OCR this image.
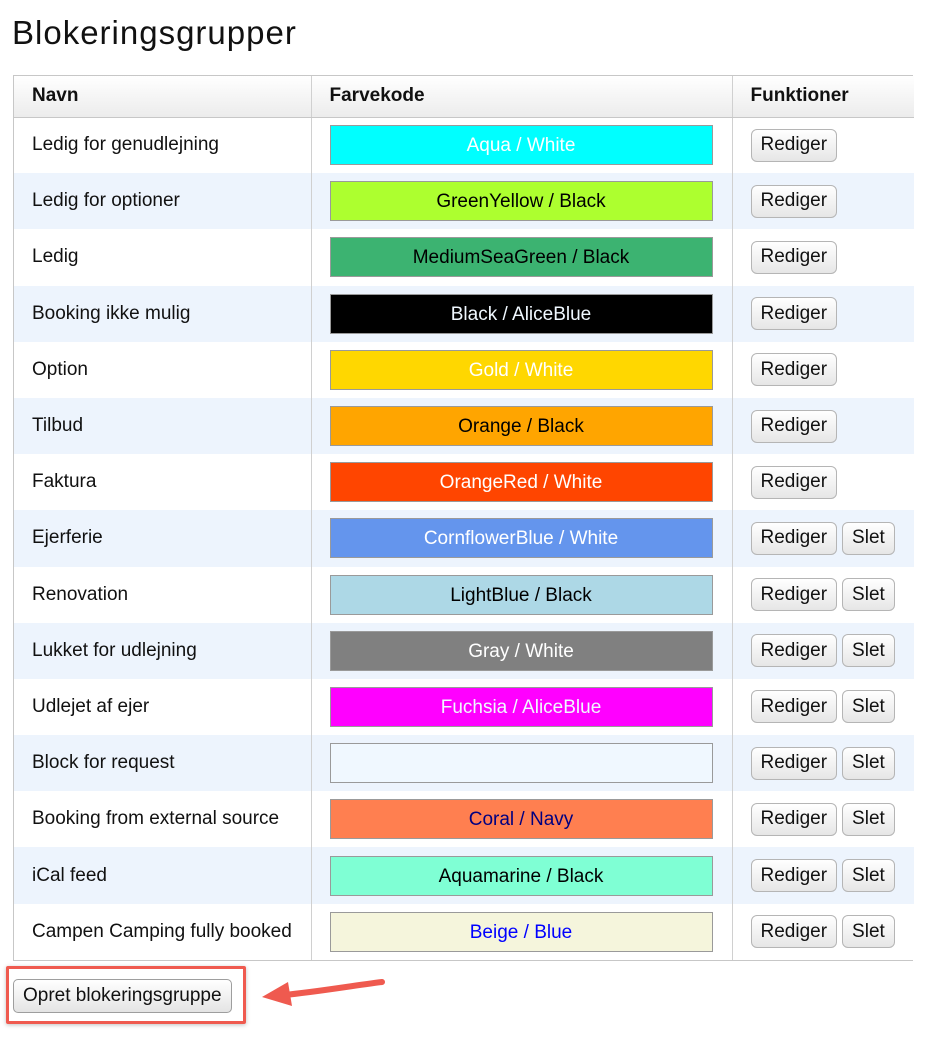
Blokeringsgrupper
Navn	Farvekode	Funktioner
Ledig for genudlejning	Aqua / White	Rediger
Ledig for optioner	GreenYellow / Black	Rediger
Ledig	MediumSeaGreen / Black	Rediger
Booking ikke mulig	Black / AliceBlue	Rediger
Option	Gold / White	Rediger
Tilbud	Orange / Black	Rediger
Faktura	OrangeRed / White	Rediger
Ejerferie	CornflowerBlue / White	Rediger Slet
Renovation	LightBlue / Black	Rediger Slet
Lukket for udlejning	Gray / White	Rediger Slet
Udlejet af ejer	Fuchsia / AliceBlue	Rediger Slet
Block for request		Rediger Slet
Booking from external source	Coral / Navy	Rediger Slet
iCal feed	Aquamarine / Black	Rediger Slet
Campen Camping fully booked	Beige / Blue	Rediger Slet
Opret blokeringsgruppe
